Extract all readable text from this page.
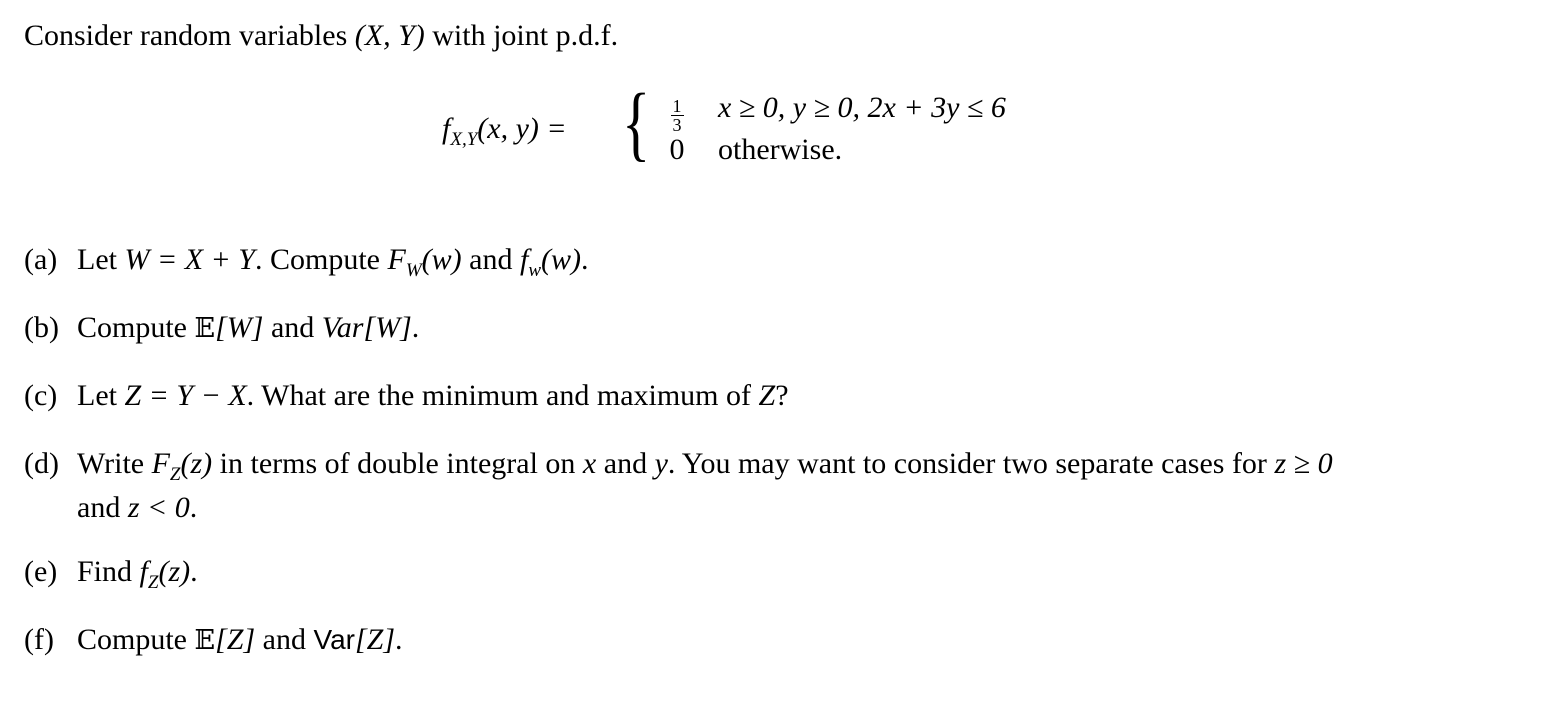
Consider random variables (X, Y) with joint p.d.f.
$f_{X,Y}(x$, y) = { $\frac{1}{3}$ x ≥ 0, y ≥ 0, 2x + 3y ≤ 6
0 otherwise.
(a) Let W = X + Y. Compute $F_W(w)$ and $f_w(w)$.
(b) Compute 𝔼[W] and Var[W].
(c) Let Z = Y − X. What are the minimum and maximum of Z?
(d) Write $F_Z(z)$ in terms of double integral on x and y. You may want to consider two separate cases for z ≥ 0
and z < 0.
(e) Find $f_Z(z)$.
(f) Compute 𝔼[Z] and Var[Z].
